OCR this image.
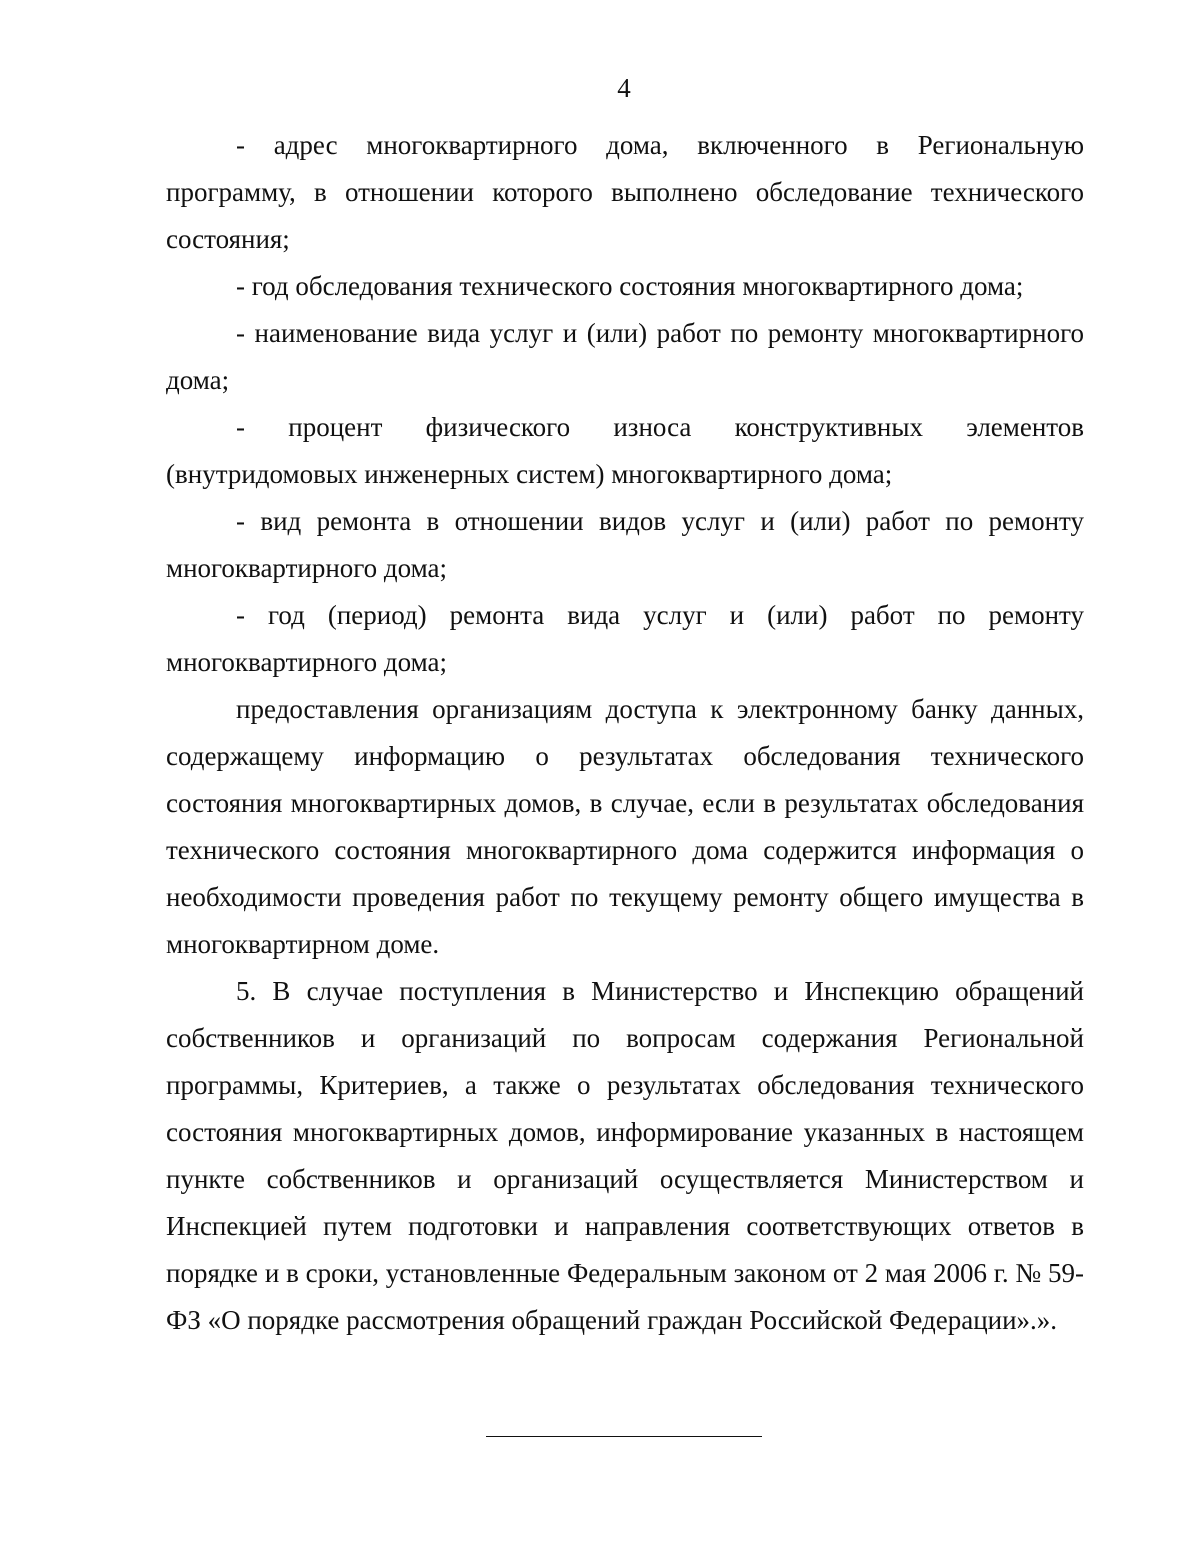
4

- адрес многоквартирного дома, включенного в Региональную программу, в отношении которого выполнено обследование технического состояния;

- год обследования технического состояния многоквартирного дома;

- наименование вида услуг и (или) работ по ремонту многоквартирного дома;

- процент физического износа конструктивных элементов (внутридомовых инженерных систем) многоквартирного дома;

- вид ремонта в отношении видов услуг и (или) работ по ремонту многоквартирного дома;

- год (период) ремонта вида услуг и (или) работ по ремонту многоквартирного дома;

предоставления организациям доступа к электронному банку данных, содержащему информацию о результатах обследования технического состояния многоквартирных домов, в случае, если в результатах обследования технического состояния многоквартирного дома содержится информация о необходимости проведения работ по текущему ремонту общего имущества в многоквартирном доме.

5. В случае поступления в Министерство и Инспекцию обращений собственников и организаций по вопросам содержания Региональной программы, Критериев, а также о результатах обследования технического состояния многоквартирных домов, информирование указанных в настоящем пункте собственников и организаций осуществляется Министерством и Инспекцией путем подготовки и направления соответствующих ответов в порядке и в сроки, установленные Федеральным законом от 2 мая 2006 г. № 59-ФЗ «О порядке рассмотрения обращений граждан Российской Федерации».».
